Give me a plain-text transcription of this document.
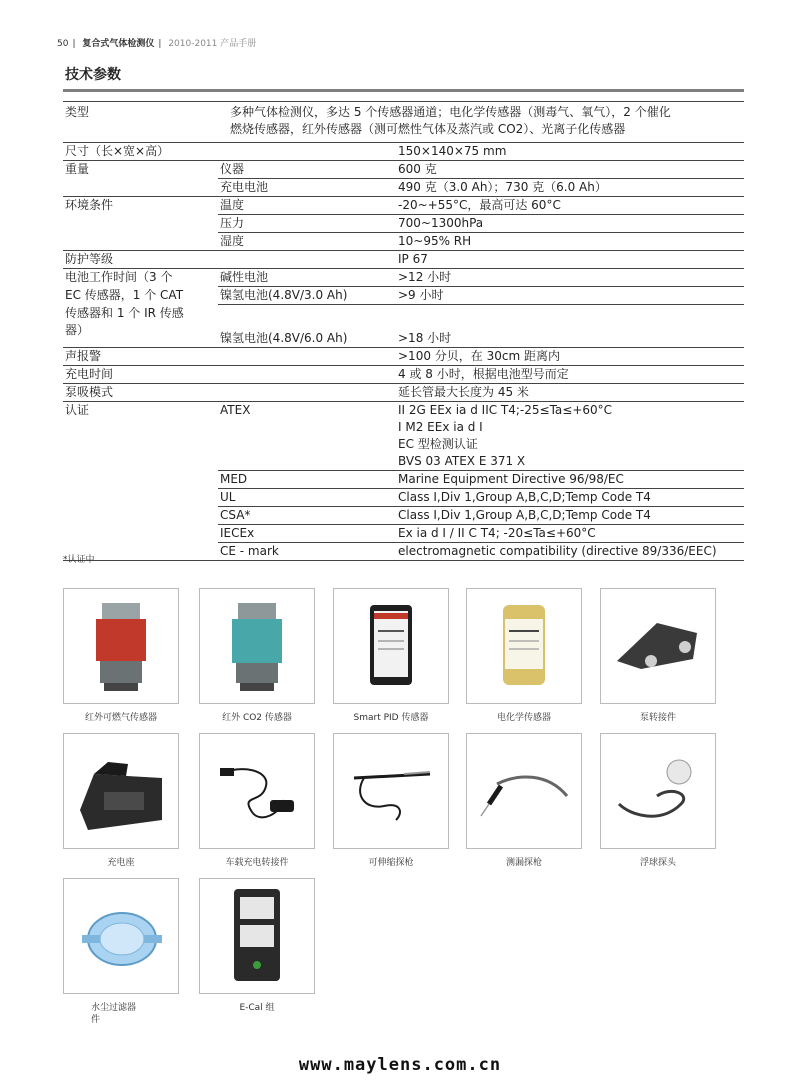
50 | 复合式气体检测仪 | 2010-2011 产品手册
技术参数
类型		多种气体检测仪，多达 5 个传感器通道；电化学传感器（测毒气、氧气），2 个催化
燃烧传感器，红外传感器（测可燃性气体及蒸汽或 CO2）、光离子化传感器

尺寸（长×宽×高）		150×140×75 mm
重量	仪器	600 克
	充电电池	490 克（3.0 Ah）；730 克（6.0 Ah）
环境条件	温度	-20~+55°C，最高可达 60°C
	压力	700~1300hPa
	湿度	10~95% RH
防护等级		IP 67
电池工作时间（3 个	碱性电池	>12 小时
EC 传感器，1 个 CAT	镍氢电池(4.8V/3.0 Ah)	>9 小时
传感器和 1 个 IR 传感		
器）	镍氢电池(4.8V/6.0 Ah)	>18 小时
声报警		>100 分贝，在 30cm 距离内
充电时间		4 或 8 小时，根据电池型号而定
泵吸模式		延长管最大长度为 45 米
认证	ATEX	II 2G EEx ia d IIC T4;-25≤Ta≤+60°C
		I M2 EEx ia d I
		EC 型检测认证
		BVS 03 ATEX E 371 X
	MED	Marine Equipment Directive 96/98/EC
	UL	Class I,Div 1,Group A,B,C,D;Temp Code T4
	CSA*	Class I,Div 1,Group A,B,C,D;Temp Code T4
	IECEx	Ex ia d I / II C T4; -20≤Ta≤+60°C
	CE - mark	electromagnetic compatibility (directive 89/336/EEC)
*认证中
红外可燃气传感器	红外 CO2 传感器	Smart PID 传感器	电化学传感器	泵转接件
充电座	车载充电转接件	可伸缩探枪	测漏探枪	浮球探头
水尘过滤器
件
E-Cal 组
www.maylens.com.cn
